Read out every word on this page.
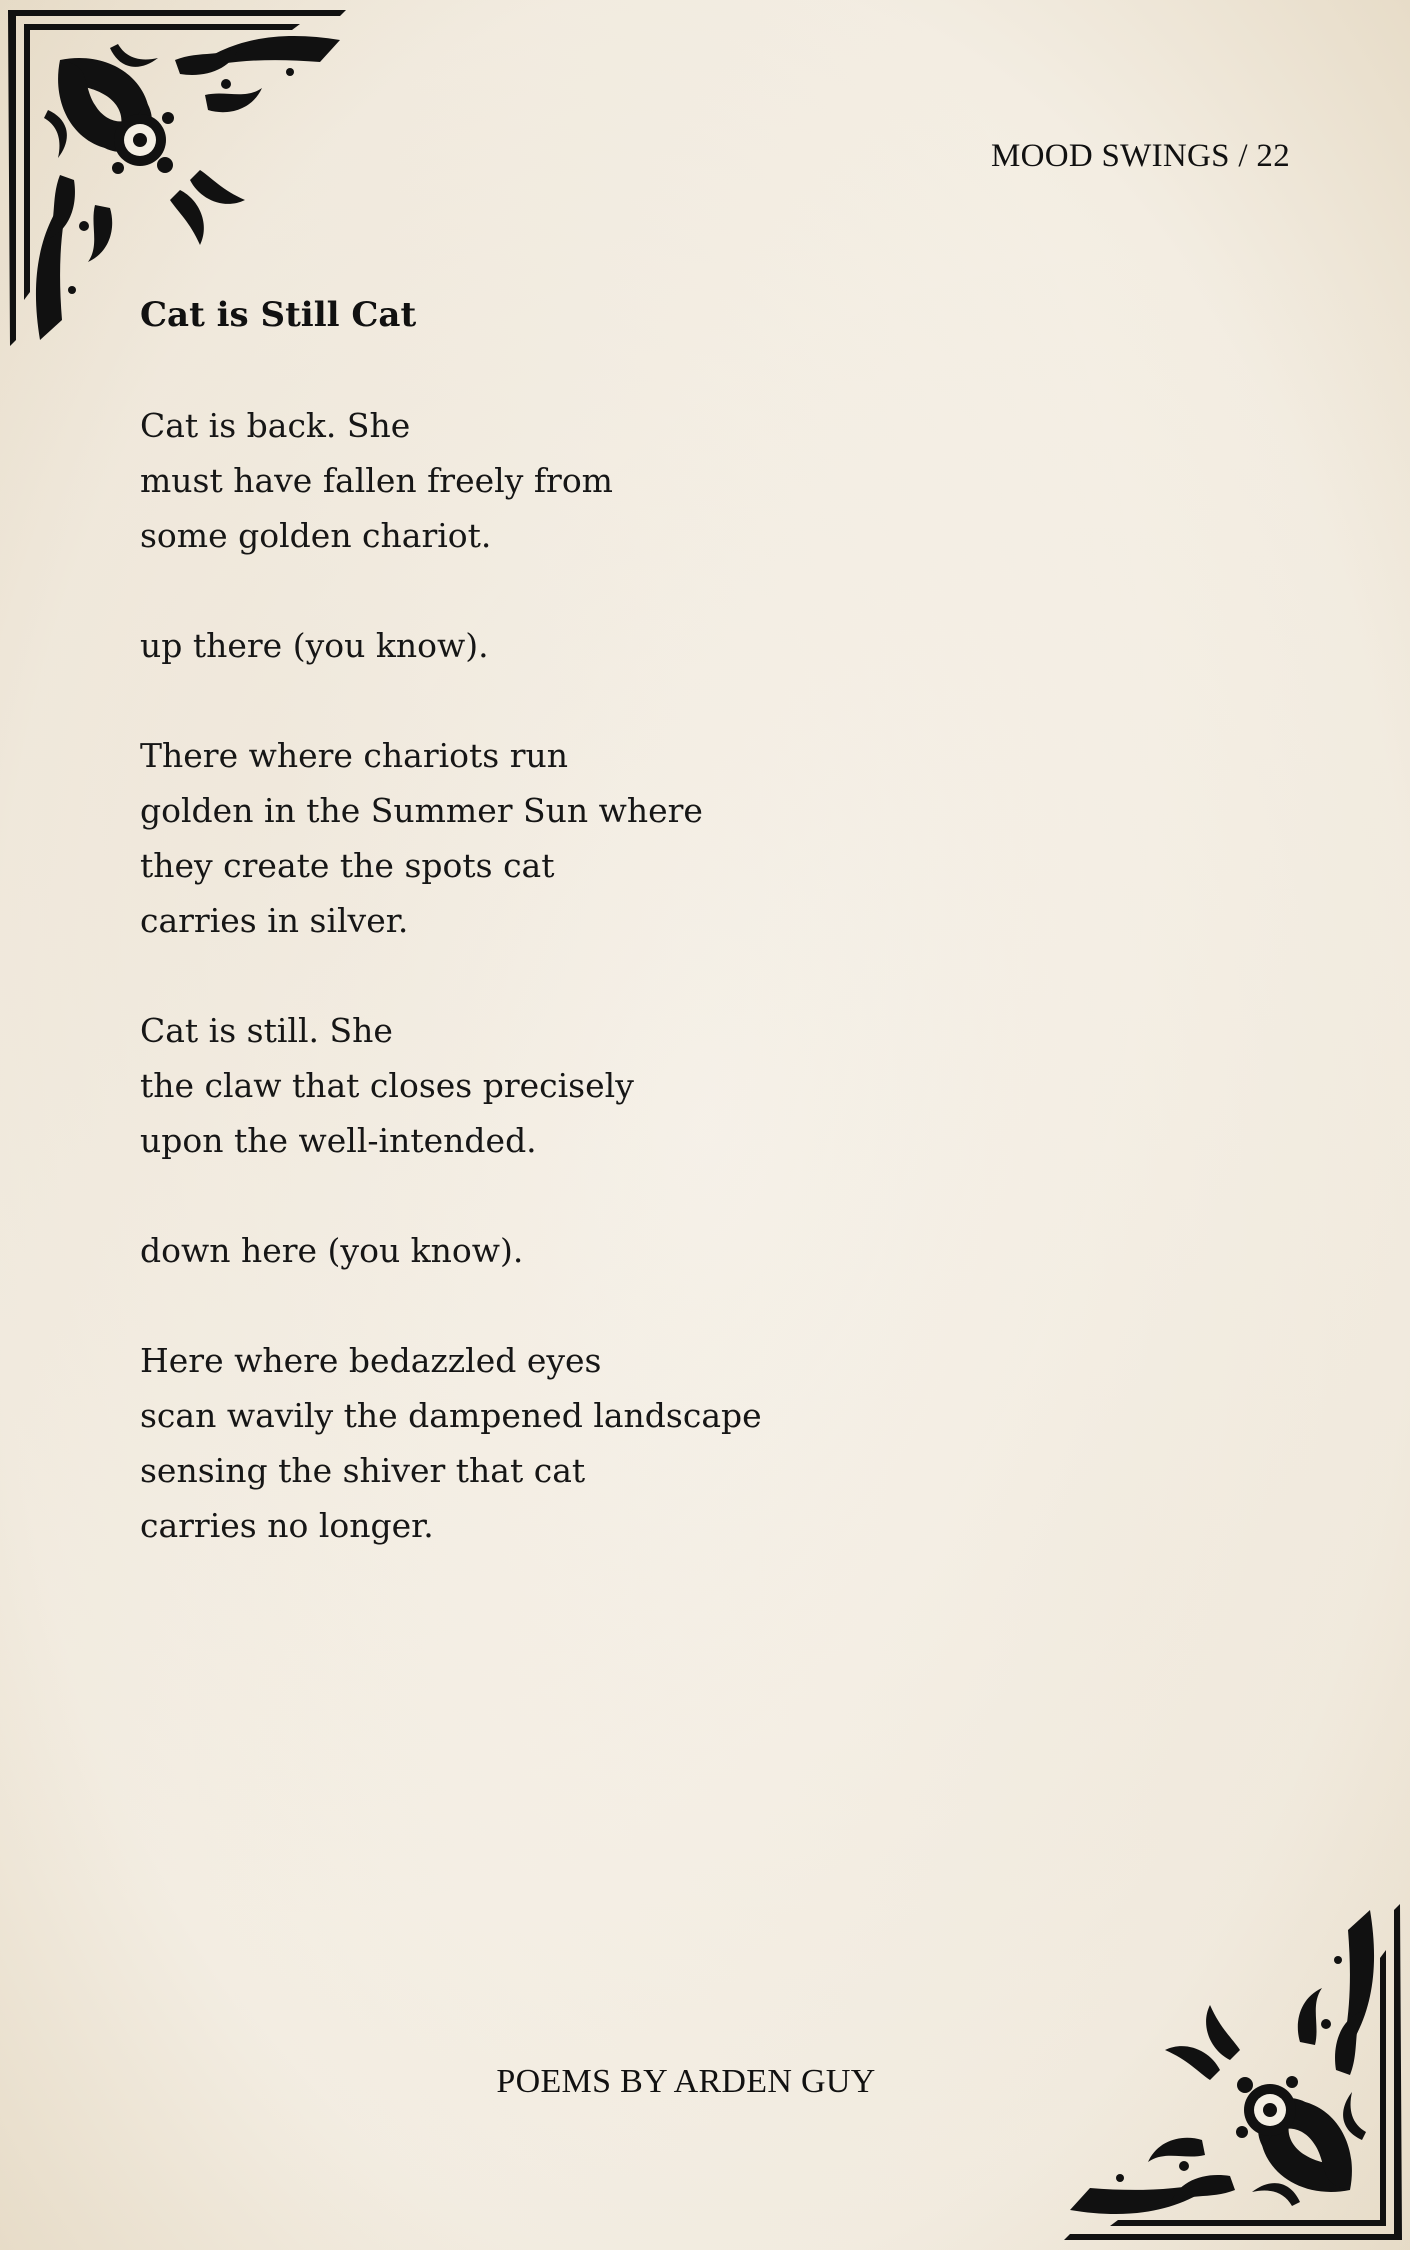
MOOD SWINGS / 22
Cat is Still Cat
Cat is back. She
must have fallen freely from
some golden chariot.
up there (you know).
There where chariots run
golden in the Summer Sun where
they create the spots cat
carries in silver.
Cat is still. She
the claw that closes precisely
upon the well-intended.
down here (you know).
Here where bedazzled eyes
scan wavily the dampened landscape
sensing the shiver that cat
carries no longer.
POEMS BY ARDEN GUY
